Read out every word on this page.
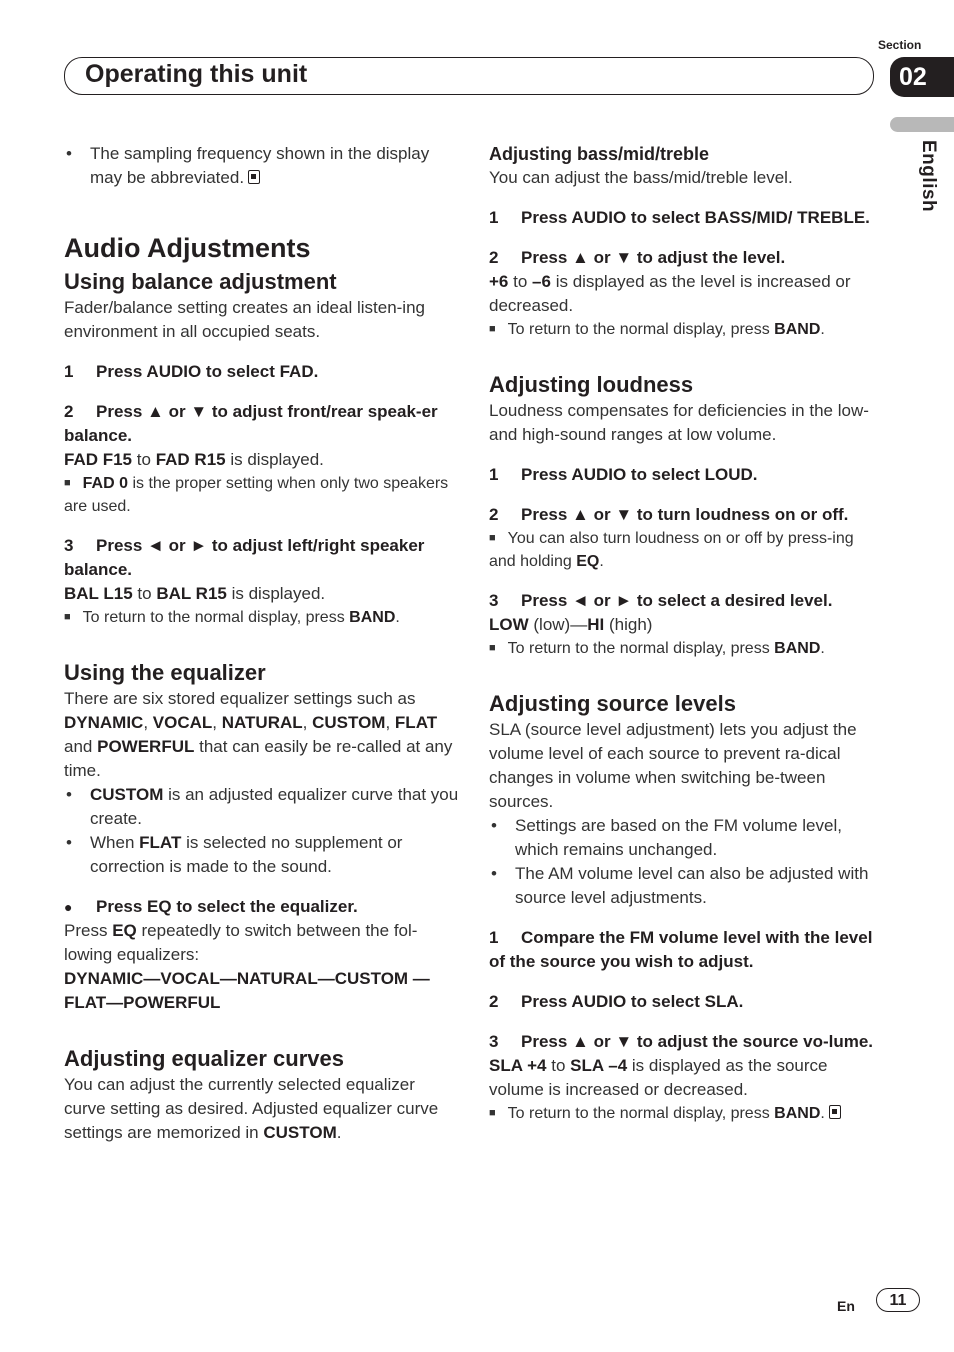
Section
Operating this unit	02
English

• The sampling frequency shown in the display may be abbreviated.

Audio Adjustments
Using balance adjustment

Fader/balance setting creates an ideal listen-ing environment in all occupied seats.

1 Press AUDIO to select FAD.

2 Press ▲ or ▼ to adjust front/rear speak-er balance.

FAD F15 to FAD R15 is displayed.

■ FAD 0 is the proper setting when only two speakers are used.

3 Press ◄ or ► to adjust left/right speaker balance.

BAL L15 to BAL R15 is displayed.

■ To return to the normal display, press BAND.

Using the equalizer

There are six stored equalizer settings such as DYNAMIC, VOCAL, NATURAL, CUSTOM, FLAT and POWERFUL that can easily be re-called at any time.

• CUSTOM is an adjusted equalizer curve that you create.

• When FLAT is selected no supplement or correction is made to the sound.

●Press EQ to select the equalizer.

Press EQ repeatedly to switch between the fol-lowing equalizers:

DYNAMIC—VOCAL—NATURAL—CUSTOM —FLAT—POWERFUL

Adjusting equalizer curves

You can adjust the currently selected equalizer curve setting as desired. Adjusted equalizer curve settings are memorized in CUSTOM.

Adjusting bass/mid/treble

You can adjust the bass/mid/treble level.

1 Press AUDIO to select BASS/MID/ TREBLE.

2 Press ▲ or ▼ to adjust the level.

+6 to –6 is displayed as the level is increased or decreased.

■ To return to the normal display, press BAND.

Adjusting loudness

Loudness compensates for deficiencies in the low- and high-sound ranges at low volume.

1 Press AUDIO to select LOUD.

2 Press ▲ or ▼ to turn loudness on or off.

■ You can also turn loudness on or off by press-ing and holding EQ.

3 Press ◄ or ► to select a desired level.

LOW (low)—HI (high)

■ To return to the normal display, press BAND.

Adjusting source levels

SLA (source level adjustment) lets you adjust the volume level of each source to prevent ra-dical changes in volume when switching be-tween sources.

• Settings are based on the FM volume level, which remains unchanged.

• The AM volume level can also be adjusted with source level adjustments.

1 Compare the FM volume level with the level of the source you wish to adjust.

2 Press AUDIO to select SLA.

3 Press ▲ or ▼ to adjust the source vo-lume.

SLA +4 to SLA –4 is displayed as the source volume is increased or decreased.

■ To return to the normal display, press BAND.

En	11
